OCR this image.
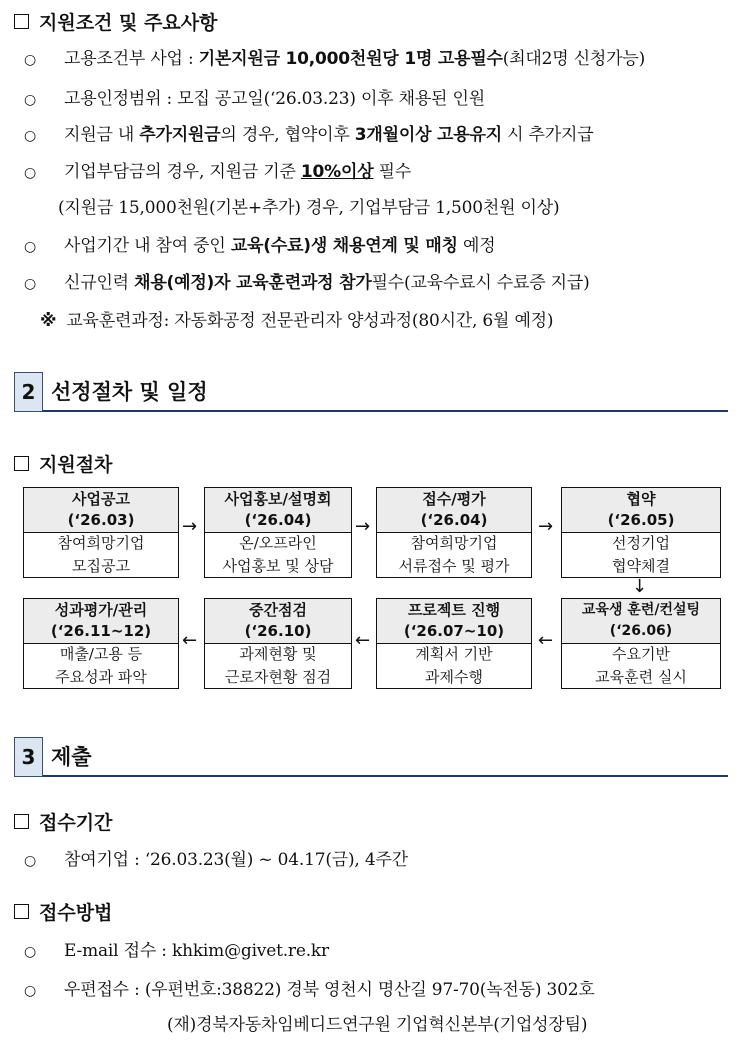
지원조건 및 주요사항
○ 고용조건부 사업 : 기본지원금 10,000천원당 1명 고용필수(최대2명 신청가능)
○ 고용인정범위 : 모집 공고일(‘26.03.23) 이후 채용된 인원
○ 지원금 내 추가지원금의 경우, 협약이후 3개월이상 고용유지 시 추가지급
○ 기업부담금의 경우, 지원금 기준 10%이상 필수
(지원금 15,000천원(기본+추가) 경우, 기업부담금 1,500천원 이상)
○ 사업기간 내 참여 중인 교육(수료)생 채용연계 및 매칭 예정
○ 신규인력 채용(예정)자 교육훈련과정 참가필수(교육수료시 수료증 지급)
※ 교육훈련과정: 자동화공정 전문관리자 양성과정(80시간, 6월 예정)
2 선정절차 및 일정
지원절차
사업공고
(‘26.03)
참여희망기업
모집공고
→
사업홍보/설명회
(‘26.04)
온/오프라인
사업홍보 및 상담
→
접수/평가
(‘26.04)
참여희망기업
서류접수 및 평가
→
협약
(‘26.05)
선정기업
협약체결
↓
성과평가/관리
(‘26.11~12)
매출/고용 등
주요성과 파악
←
중간점검
(‘26.10)
과제현황 및
근로자현황 점검
←
프로젝트 진행
(‘26.07~10)
계획서 기반
과제수행
←
교육생 훈련/컨설팅
(‘26.06)
수요기반
교육훈련 실시
3 제출
접수기간
○ 참여기업 : ‘26.03.23(월) ~ 04.17(금), 4주간
접수방법
○ E-mail 접수 : khkim@givet.re.kr
○ 우편접수 : (우편번호:38822) 경북 영천시 명산길 97-70(녹전동) 302호
(재)경북자동차임베디드연구원 기업혁신본부(기업성장팀)
